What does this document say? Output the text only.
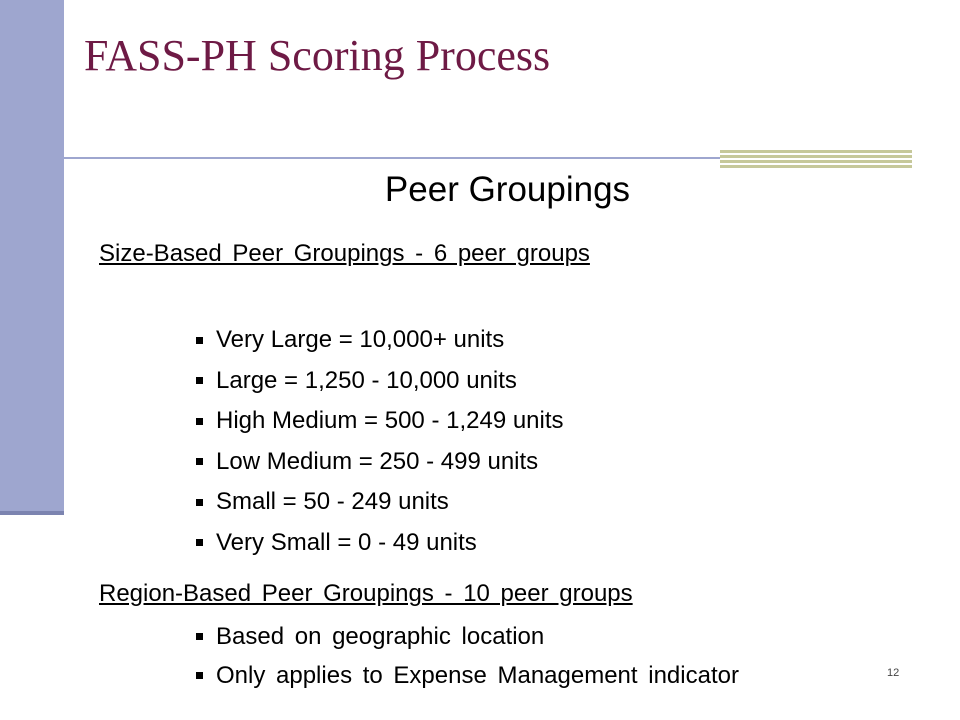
FASS-PH Scoring Process
Peer Groupings
Size-Based Peer Groupings - 6 peer groups
Very Large = 10,000+ units
Large = 1,250 - 10,000 units
High Medium = 500 - 1,249 units
Low Medium = 250 - 499 units
Small = 50 - 249 units
Very Small = 0 - 49 units
Region-Based Peer Groupings - 10 peer groups
Based on geographic location
Only applies to Expense Management indicator	12
